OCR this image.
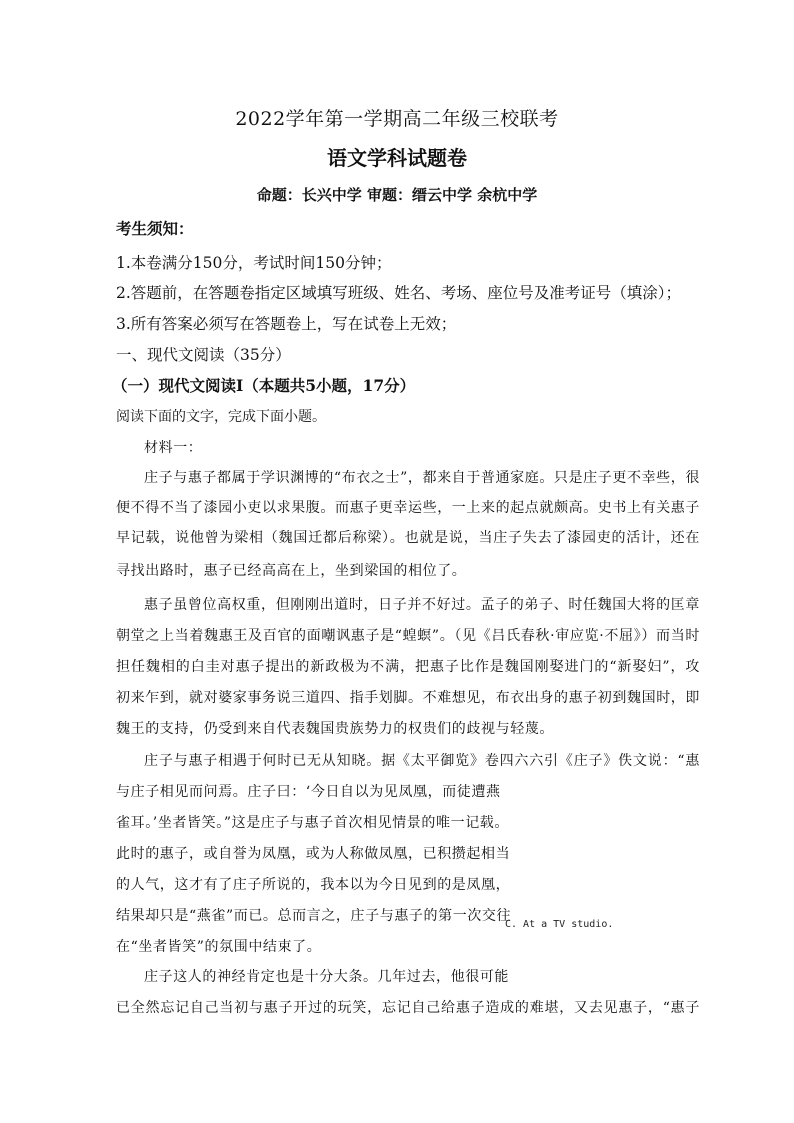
2022学年第一学期高二年级三校联考
语文学科试题卷
命题：长兴中学 审题：缙云中学 余杭中学
考生须知：
1.本卷满分150分，考试时间150分钟；
2.答题前，在答题卷指定区域填写班级、姓名、考场、座位号及准考证号（填涂）；
3.所有答案必须写在答题卷上，写在试卷上无效；
一、现代文阅读（35分）
（一）现代文阅读Ⅰ（本题共5小题，17分）
阅读下面的文字，完成下面小题。
材料一：
庄子与惠子都属于学识渊博的“布衣之士”，都来自于普通家庭。只是庄子更不幸些，很
便不得不当了漆园小吏以求果腹。而惠子更幸运些，一上来的起点就颇高。史书上有关惠子
早记载，说他曾为梁相（魏国迁都后称梁）。也就是说，当庄子失去了漆园吏的活计，还在
寻找出路时，惠子已经高高在上，坐到梁国的相位了。
惠子虽曾位高权重，但刚刚出道时，日子并不好过。孟子的弟子、时任魏国大将的匡章
朝堂之上当着魏惠王及百官的面嘲讽惠子是“蝗螟”。（见《吕氏春秋·审应览·不屈》）而当时
担任魏相的白圭对惠子提出的新政极为不满，把惠子比作是魏国刚娶进门的“新娶妇”，攻
初来乍到，就对婆家事务说三道四、指手划脚。不难想见，布衣出身的惠子初到魏国时，即
魏王的支持，仍受到来自代表魏国贵族势力的权贵们的歧视与轻蔑。
庄子与惠子相遇于何时已无从知晓。据《太平御览》卷四六六引《庄子》佚文说：“惠
与庄子相见而问焉。庄子曰：‘今日自以为见凤凰，而徒遭燕
雀耳。’坐者皆笑。”这是庄子与惠子首次相见情景的唯一记载。
此时的惠子，或自誉为凤凰，或为人称做凤凰，已积攒起相当
的人气，这才有了庄子所说的，我本以为今日见到的是凤凰，
结果却只是“燕雀”而已。总而言之，庄子与惠子的第一次交往
在“坐者皆笑”的氛围中结束了。
C. At a TV studio.
庄子这人的神经肯定也是十分大条。几年过去，他很可能
已全然忘记自己当初与惠子开过的玩笑，忘记自己给惠子造成的难堪，又去见惠子，“惠子
